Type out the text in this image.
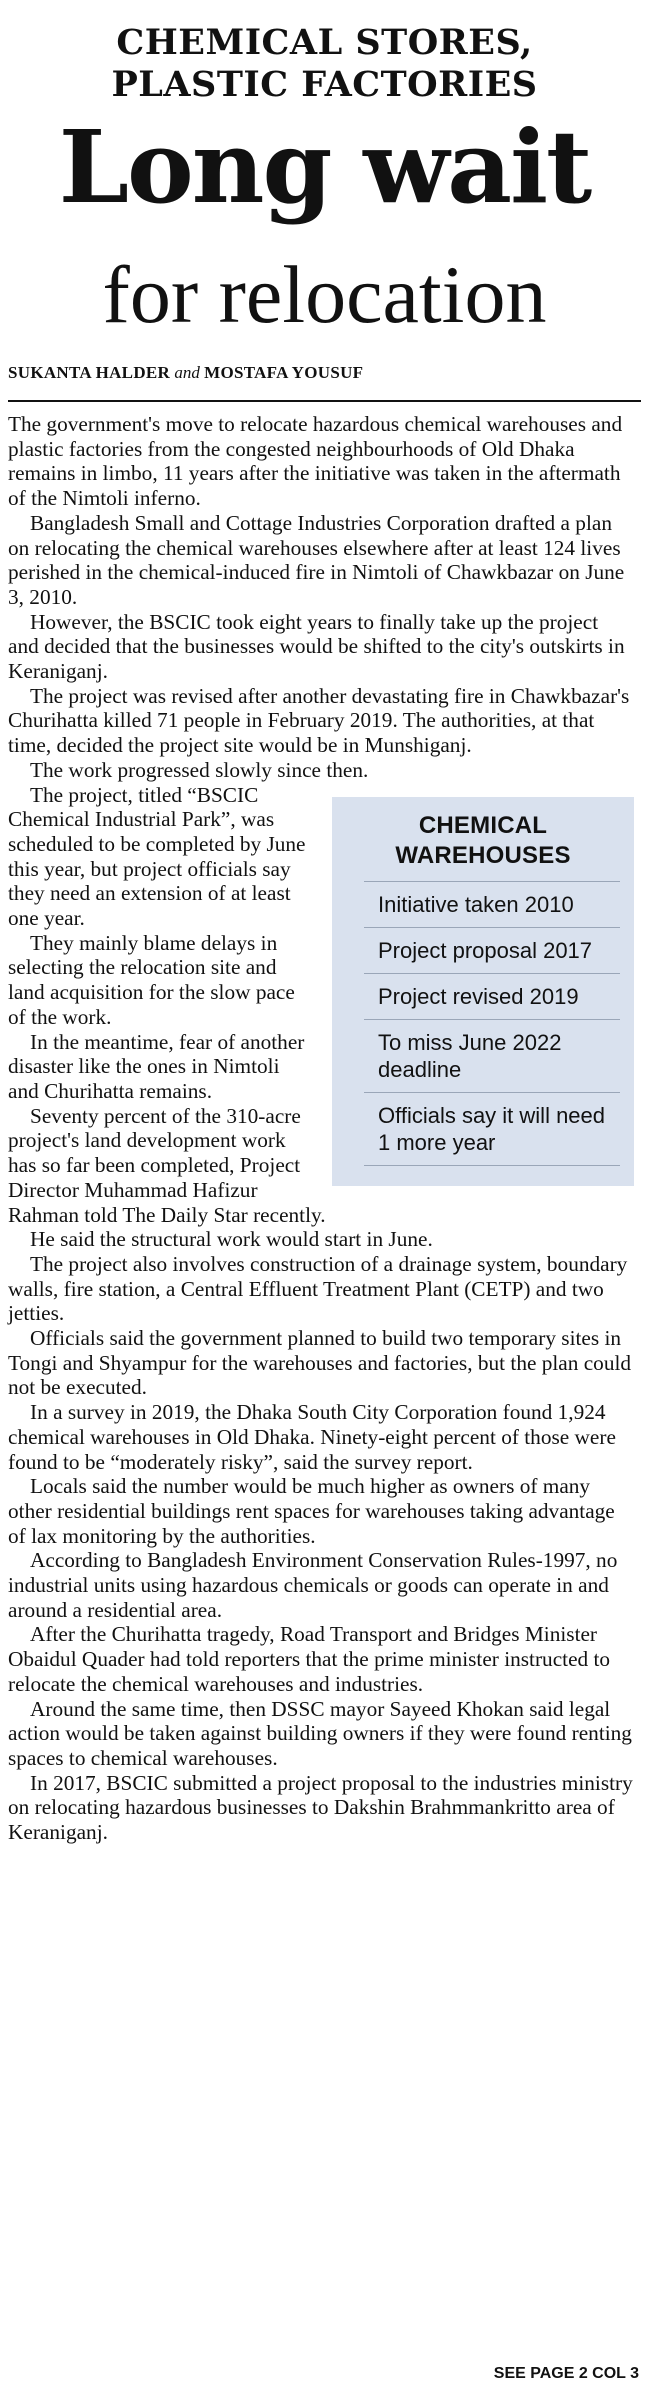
CHEMICAL STORES,
PLASTIC FACTORIES
Long wait
for relocation
SUKANTA HALDER and MOSTAFA YOUSUF

The government's move to relocate hazardous chemical warehouses and plastic factories from the congested neighbourhoods of Old Dhaka remains in limbo, 11 years after the initiative was taken in the aftermath of the Nimtoli inferno.

Bangladesh Small and Cottage Industries Corporation drafted a plan on relocating the chemical warehouses elsewhere after at least 124 lives perished in the chemical-induced fire in Nimtoli of Chawkbazar on June 3, 2010.

However, the BSCIC took eight years to finally take up the project and decided that the businesses would be shifted to the city's outskirts in Keraniganj.

The project was revised after another devastating fire in Chawkbazar's Churihatta killed 71 people in February 2019. The authorities, at that time, decided the project site would be in Munshiganj.

The work progressed slowly since then.

CHEMICAL WAREHOUSES
Initiative taken 2010
Project proposal 2017
Project revised 2019
To miss June 2022 deadline
Officials say it will need 1 more year

The project, titled “BSCIC Chemical Industrial Park”, was scheduled to be completed by June this year, but project officials say they need an extension of at least one year.

They mainly blame delays in selecting the relocation site and land acquisition for the slow pace of the work.

In the meantime, fear of another disaster like the ones in Nimtoli and Churihatta remains.

Seventy percent of the 310-acre project's land development work has so far been completed, Project Director Muhammad Hafizur Rahman told The Daily Star recently.

He said the structural work would start in June.

The project also involves construction of a drainage system, boundary walls, fire station, a Central Effluent Treatment Plant (CETP) and two jetties.

Officials said the government planned to build two temporary sites in Tongi and Shyampur for the warehouses and factories, but the plan could not be executed.

In a survey in 2019, the Dhaka South City Corporation found 1,924 chemical warehouses in Old Dhaka. Ninety-eight percent of those were found to be “moderately risky”, said the survey report.

Locals said the number would be much higher as owners of many other residential buildings rent spaces for warehouses taking advantage of lax monitoring by the authorities.

According to Bangladesh Environment Conservation Rules-1997, no industrial units using hazardous chemicals or goods can operate in and around a residential area.

After the Churihatta tragedy, Road Transport and Bridges Minister Obaidul Quader had told reporters that the prime minister instructed to relocate the chemical warehouses and industries.

Around the same time, then DSSC mayor Sayeed Khokan said legal action would be taken against building owners if they were found renting spaces to chemical warehouses.

In 2017, BSCIC submitted a project proposal to the industries ministry on relocating hazardous businesses to Dakshin Brahmmankritto area of Keraniganj.

SEE PAGE 2 COL 3
